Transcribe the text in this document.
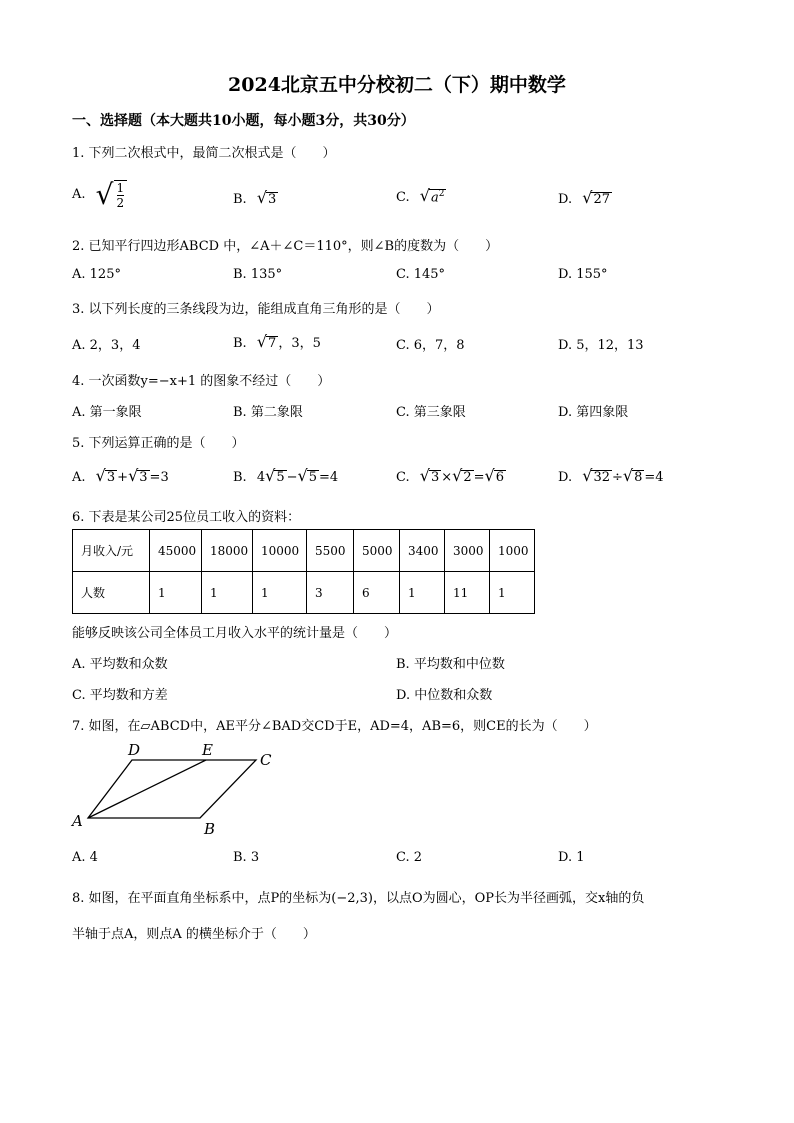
2024北京五中分校初二（下）期中数学
一、选择题（本大题共10小题，每小题3分，共30分）
1. 下列二次根式中，最简二次根式是（　　）
A. √ $\frac{1}{2}$	B. √3	C. $√a^2$	D. √27
2. 已知平行四边形ABCD 中，∠A＋∠C＝110°，则∠B的度数为（　　）
A. 125°	B. 135°	C. 145°	D. 155°
3. 以下列长度的三条线段为边，能组成直角三角形的是（　　）
A. 2，3，4	B. √7 ，3，5	C. 6，7，8	D. 5，12，13
4. 一次函数y=−x+1 的图象不经过（　　）
A. 第一象限	B. 第二象限	C. 第三象限	D. 第四象限
5. 下列运算正确的是（　　）
A. √3 +√3 =3	B. 4√5 −√5 =4	C. √3 ×√2 =√6	D. √32 ÷√8 =4
6. 下表是某公司25位员工收入的资料：
月收入/元	45000	18000	10000	5500	5000	3400	3000	1000
人数	1	1	1	3	6	1	11	1
能够反映该公司全体员工月收入水平的统计量是（　　）
A. 平均数和众数	B. 平均数和中位数
C. 平均数和方差	D. 中位数和众数
7. 如图，在▱ABCD中，AE平分∠BAD交CD于E，AD=4，AB=6，则CE的长为（　　）
D	E
C
A	B
A. 4	B. 3	C. 2	D. 1
8. 如图，在平面直角坐标系中，点P的坐标为(−2,3)，以点O为圆心，OP长为半径画弧，交x轴的负
半轴于点A，则点A 的横坐标介于（　　）
